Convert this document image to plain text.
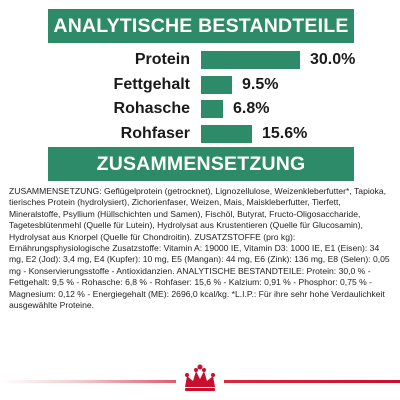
ANALYTISCHE BESTANDTEILE
Protein	30.0%
Fettgehalt	9.5%
Rohasche	6.8%
Rohfaser	15.6%
ZUSAMMENSETZUNG

ZUSAMMENSETZUNG: Geflügelprotein (getrocknet), Lignozellulose, Weizenkleberfutter*, Tapioka, tierisches Protein (hydrolysiert), Zichorienfaser, Weizen, Mais, Maiskleberfutter, Tierfett, Mineralstoffe, Psyllium (Hüllschichten und Samen), Fischöl, Butyrat, Fructo-Oligosaccharide, Tagetesblütenmehl (Quelle für Lutein), Hydrolysat aus Krustentieren (Quelle für Glucosamin), Hydrolysat aus Knorpel (Quelle für Chondroitin). ZUSATZSTOFFE (pro kg): Ernährungsphysiologische Zusatzstoffe: Vitamin A: 19000 IE, Vitamin D3: 1000 IE, E1 (Eisen): 34 mg, E2 (Jod): 3,4 mg, E4 (Kupfer): 10 mg, E5 (Mangan): 44 mg, E6 (Zink): 136 mg, E8 (Selen): 0,05 mg - Konservierungsstoffe - Antioxidanzien. ANALYTISCHE BESTANDTEILE: Protein: 30,0 % - Fettgehalt: 9,5 % - Rohasche: 6,8 % - Rohfaser: 15,6 % - Kalzium: 0,91 % - Phosphor: 0,75 % - Magnesium: 0,12 % - Energiegehalt (ME): 2696,0 kcal/kg. *L.I.P.: Für ihre sehr hohe Verdaulichkeit ausgewählte Proteine.
